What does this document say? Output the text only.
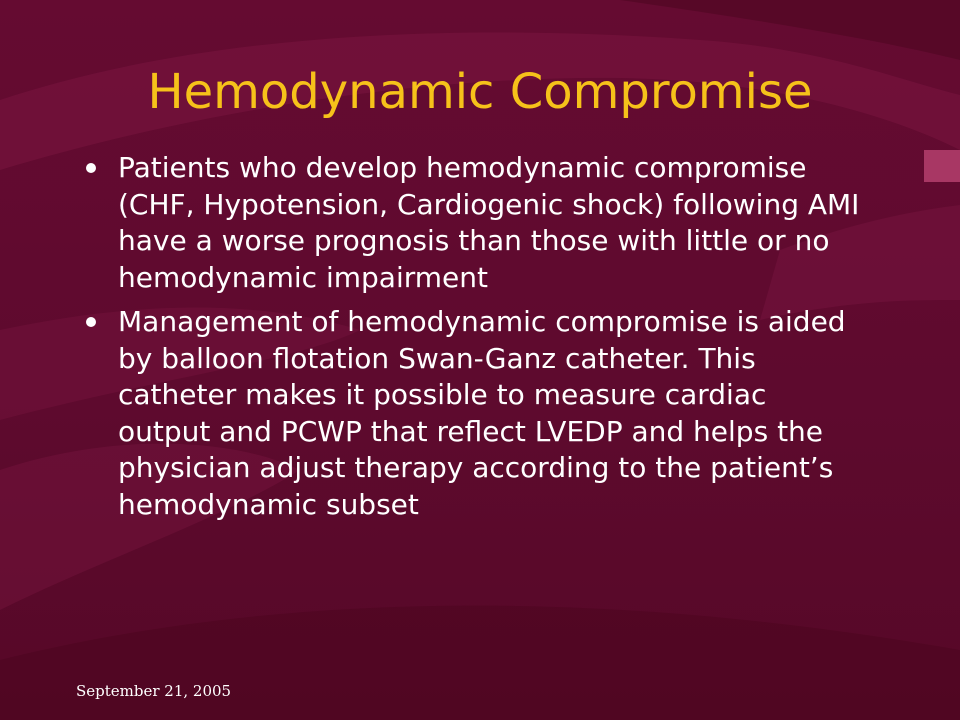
Hemodynamic Compromise
Patients who develop hemodynamic compromise (CHF, Hypotension, Cardiogenic shock) following AMI have a worse prognosis than those with little or no hemodynamic impairment
Management of hemodynamic compromise is aided by balloon flotation Swan-Ganz catheter. This catheter makes it possible to measure cardiac output and PCWP that reflect LVEDP and helps the physician adjust therapy according to the patient’s hemodynamic subset
September 21, 2005
